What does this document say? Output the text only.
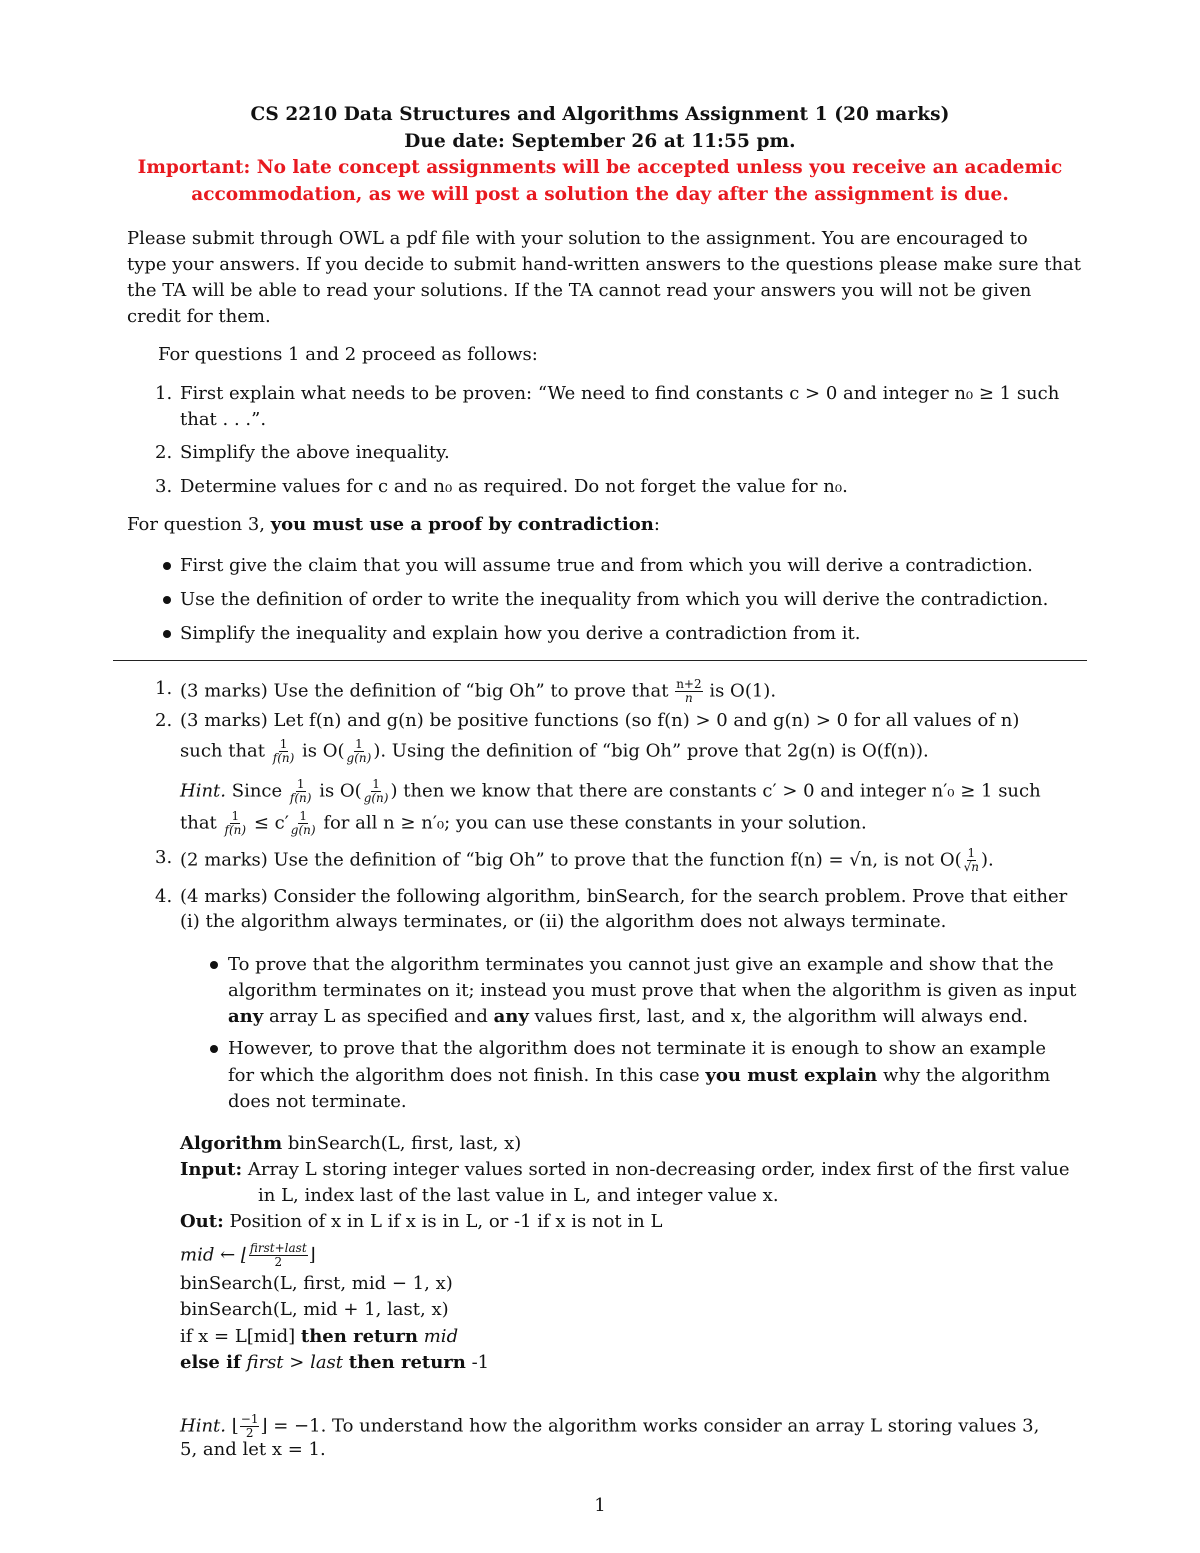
CS 2210 Data Structures and Algorithms Assignment 1 (20 marks)
Due date: September 26 at 11:55 pm.
Important: No late concept assignments will be accepted unless you receive an academic
accommodation, as we will post a solution the day after the assignment is due.
Please submit through OWL a pdf file with your solution to the assignment. You are encouraged to
type your answers. If you decide to submit hand-written answers to the questions please make sure that
the TA will be able to read your solutions. If the TA cannot read your answers you will not be given
credit for them.
For questions 1 and 2 proceed as follows:
1. First explain what needs to be proven: “We need to find constants c > 0 and integer n₀ ≥ 1 such
that . . .”.
2. Simplify the above inequality.
3. Determine values for c and n₀ as required. Do not forget the value for n₀.
For question 3, you must use a proof by contradiction:
First give the claim that you will assume true and from which you will derive a contradiction.
Use the definition of order to write the inequality from which you will derive the contradiction.
Simplify the inequality and explain how you derive a contradiction from it.
1. (3 marks) Use the definition of “big Oh” to prove that $\frac{n+2}{n}$ is O(1).
2. (3 marks) Let f(n) and g(n) be positive functions (so f(n) > 0 and g(n) > 0 for all values of n)
such that $\frac{1}{f(n)}$ is $O( \frac{1}{g(n)}$ ). Using the definition of “big Oh” prove that 2g(n) is O(f(n)).
Hint. Since $\frac{1}{f(n)}$ is $O( \frac{1}{g(n)}$ ) then we know that there are constants c′ > 0 and integer n′₀ ≥ 1 such
that $\frac{1}{f(n)} \le c' \frac{1}{g(n)}$ for all n ≥ n′₀; you can use these constants in your solution.
3. (2 marks) Use the definition of “big Oh” to prove that the function f(n) = √n, is not $O( \frac{1}{√n}$ ).
4. (4 marks) Consider the following algorithm, binSearch, for the search problem. Prove that either
(i) the algorithm always terminates, or (ii) the algorithm does not always terminate.
To prove that the algorithm terminates you cannot just give an example and show that the
algorithm terminates on it; instead you must prove that when the algorithm is given as input
any array L as specified and any values first, last, and x, the algorithm will always end.
However, to prove that the algorithm does not terminate it is enough to show an example
for which the algorithm does not finish. In this case you must explain why the algorithm
does not terminate.
Algorithm binSearch(L, first, last, x)
Input: Array L storing integer values sorted in non-decreasing order, index first of the first value
in L, index last of the last value in L, and integer value x.
Out: Position of x in L if x is in L, or -1 if x is not in L
mid ← ⌊ $\frac{\text{first+last}}{2}$ ⌋
binSearch(L, first, mid − 1, x)
binSearch(L, mid + 1, last, x)
if x = L[mid] then return mid
else if first > last then return -1
Hint. ⌊ $\frac{-1}{2}$ ⌋ = −1. To understand how the algorithm works consider an array L storing values 3,
5, and let x = 1.
1
